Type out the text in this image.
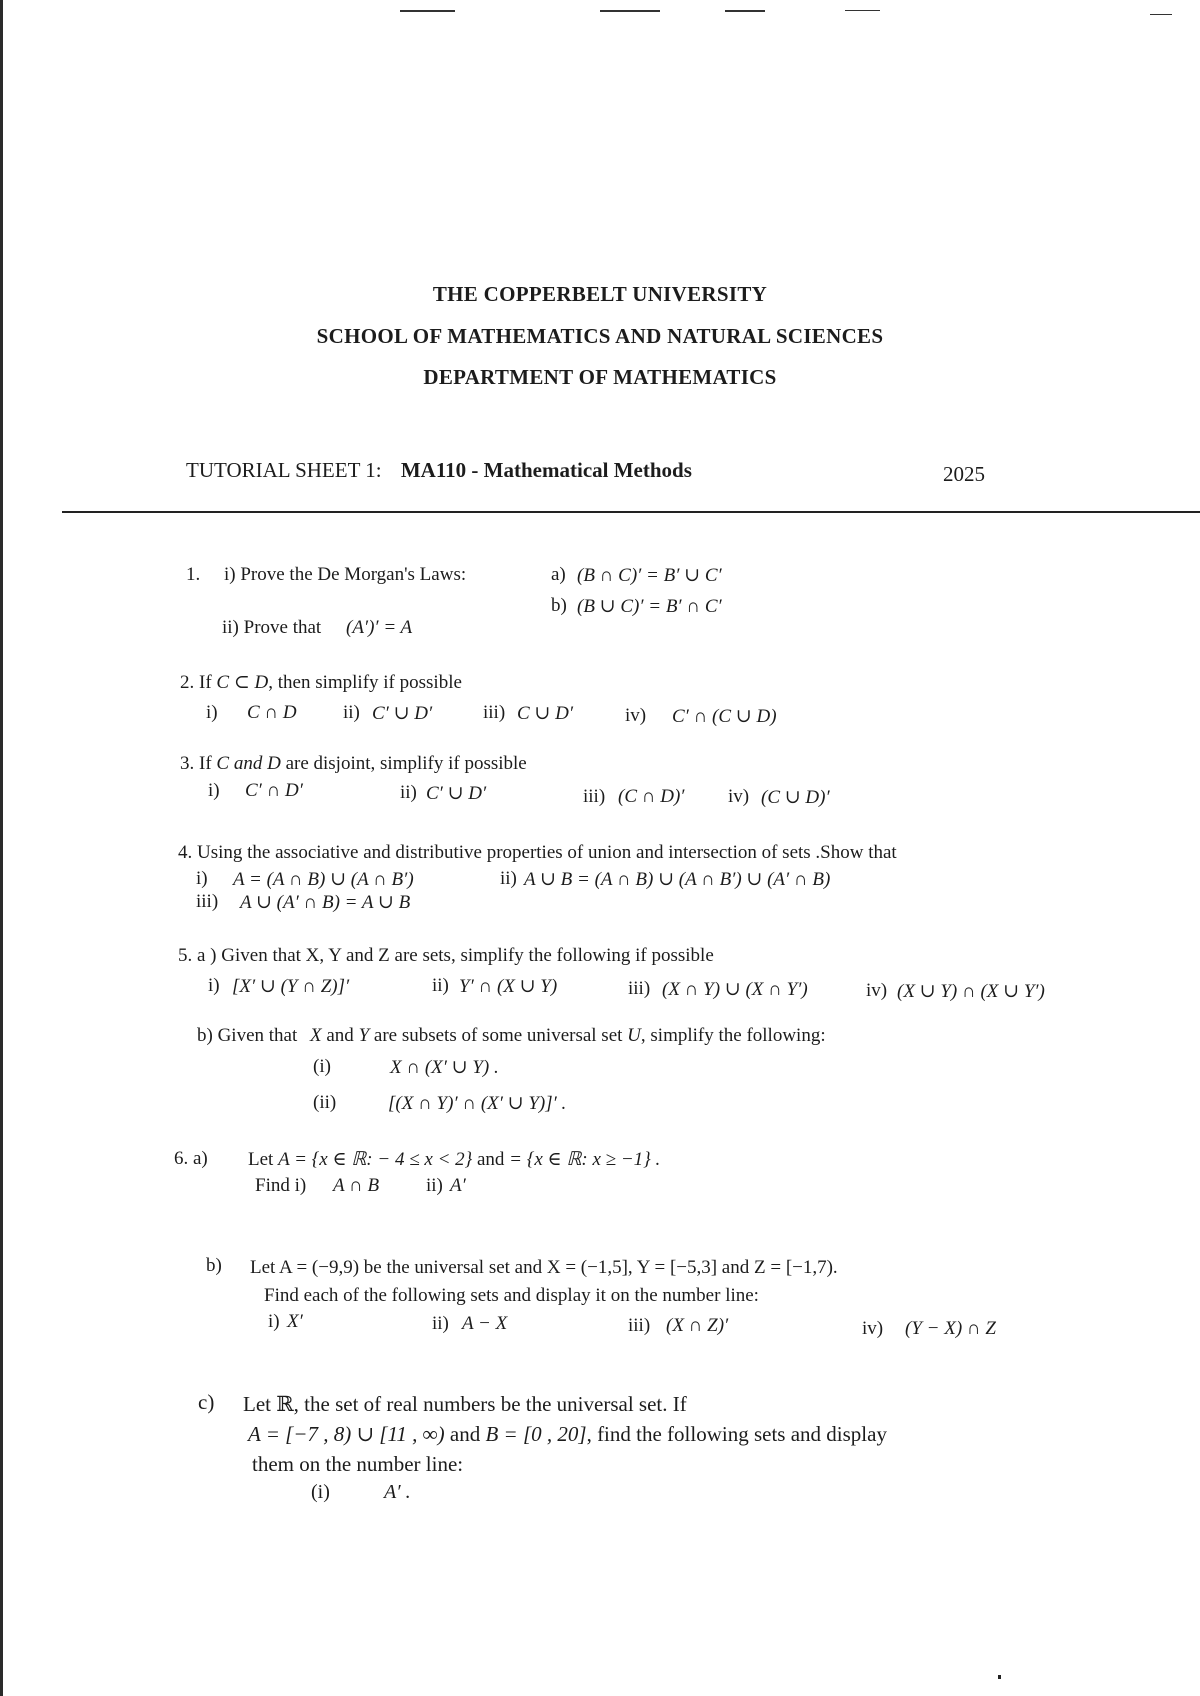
THE COPPERBELT UNIVERSITY
SCHOOL OF MATHEMATICS AND NATURAL SCIENCES
DEPARTMENT OF MATHEMATICS
TUTORIAL SHEET 1: MA110 - Mathematical Methods	2025
1. i) Prove the De Morgan's Laws:	a) (B ∩ C)′ = B′ ∪ C′
b) (B ∪ C)′ = B′ ∩ C′
ii) Prove that (A′)′ = A
2. If C ⊂ D, then simplify if possible
i) C ∩ D ii) C′ ∪ D′	iii) C ∪ D′	iv) C′ ∩ (C ∪ D)
3. If C and D are disjoint, simplify if possible
i) C′ ∩ D′	ii) C′ ∪ D′	iii) (C ∩ D)′ iv) (C ∪ D)′
4. Using the associative and distributive properties of union and intersection of sets .Show that
i) A = (A ∩ B) ∪ (A ∩ B′)	ii) A ∪ B = (A ∩ B) ∪ (A ∩ B′) ∪ (A′ ∩ B)
iii) A ∪ (A′ ∩ B) = A ∪ B
5. a ) Given that X, Y and Z are sets, simplify the following if possible
i) [X′ ∪ (Y ∩ Z)]′	ii) Y′ ∩ (X ∪ Y)	iii) (X ∩ Y) ∪ (X ∩ Y′)	iv) (X ∪ Y) ∩ (X ∪ Y′)
b) Given that X and Y are subsets of some universal set U, simplify the following:
(i)	X ∩ (X′ ∪ Y) .
(ii)	[(X ∩ Y)′ ∩ (X′ ∪ Y)]′ .
6. a) Let A = {x ∈ ℝ: − 4 ≤ x < 2} and = {x ∈ ℝ: x ≥ −1} .
Find i) A ∩ B ii) A′
b) Let A = (−9,9) be the universal set and X = (−1,5], Y = [−5,3] and Z = [−1,7).
Find each of the following sets and display it on the number line:
i) X′	ii) A − X	iii) (X ∩ Z)′	iv) (Y − X) ∩ Z
c) Let ℝ, the set of real numbers be the universal set. If
A = [−7 , 8) ∪ [11 , ∞) and B = [0 , 20], find the following sets and display
them on the number line:
(i)	A′ .
